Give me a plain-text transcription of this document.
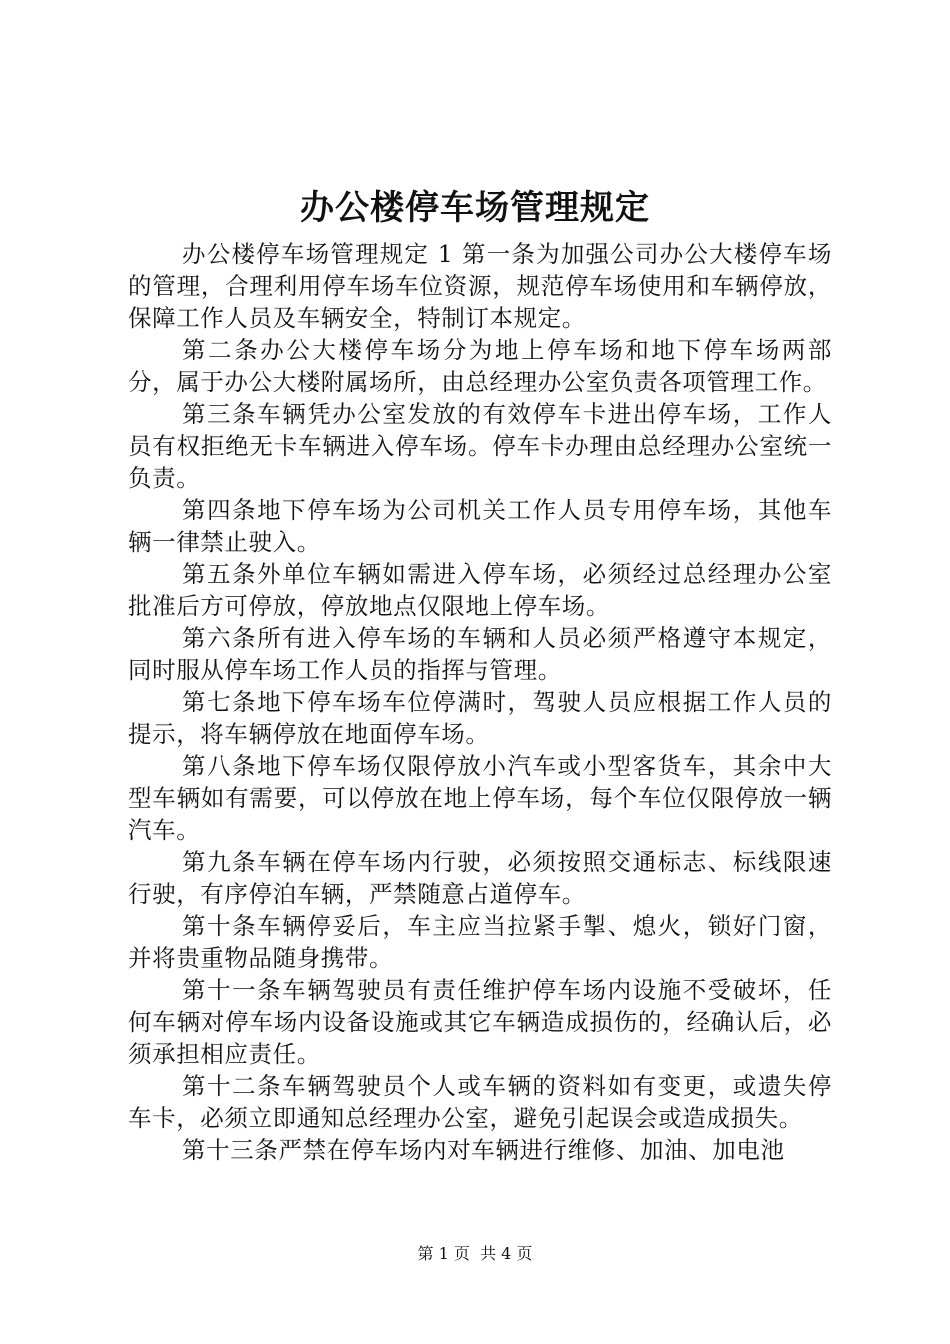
办公楼停车场管理规定

办公楼停车场管理规定 1 第一条为加强公司办公大楼停车场的管理，合理利用停车场车位资源，规范停车场使用和车辆停放，保障工作人员及车辆安全，特制订本规定。

第二条办公大楼停车场分为地上停车场和地下停车场两部分，属于办公大楼附属场所，由总经理办公室负责各项管理工作。

第三条车辆凭办公室发放的有效停车卡进出停车场，工作人员有权拒绝无卡车辆进入停车场。停车卡办理由总经理办公室统一负责。

第四条地下停车场为公司机关工作人员专用停车场，其他车辆一律禁止驶入。

第五条外单位车辆如需进入停车场，必须经过总经理办公室批准后方可停放，停放地点仅限地上停车场。

第六条所有进入停车场的车辆和人员必须严格遵守本规定，同时服从停车场工作人员的指挥与管理。

第七条地下停车场车位停满时，驾驶人员应根据工作人员的提示，将车辆停放在地面停车场。

第八条地下停车场仅限停放小汽车或小型客货车，其余中大型车辆如有需要，可以停放在地上停车场，每个车位仅限停放一辆汽车。

第九条车辆在停车场内行驶，必须按照交通标志、标线限速行驶，有序停泊车辆，严禁随意占道停车。

第十条车辆停妥后，车主应当拉紧手掣、熄火，锁好门窗，并将贵重物品随身携带。

第十一条车辆驾驶员有责任维护停车场内设施不受破坏，任何车辆对停车场内设备设施或其它车辆造成损伤的，经确认后，必须承担相应责任。

第十二条车辆驾驶员个人或车辆的资料如有变更，或遗失停车卡，必须立即通知总经理办公室，避免引起误会或造成损失。

第十三条严禁在停车场内对车辆进行维修、加油、加电池

第 1 页 共 4 页
